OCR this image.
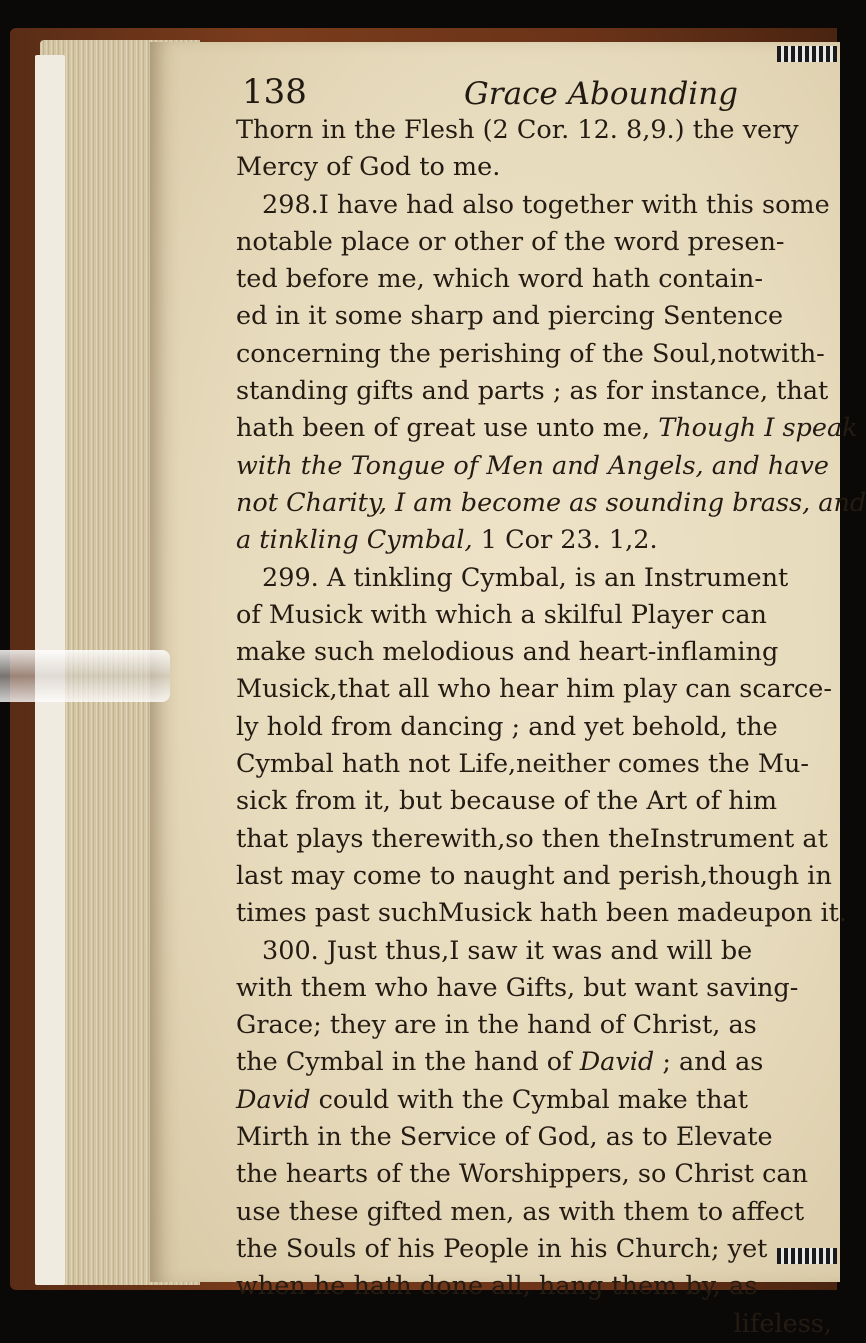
138	Grace Abounding
Thorn in the Flesh (2 Cor. 12. 8,9.) the very
Mercy of God to me.
298.I have had also together with this some
notable place or other of the word presen-
ted before me, which word hath contain-
ed in it some sharp and piercing Sentence
concerning the perishing of the Soul,notwith-
standing gifts and parts ; as for instance, that
hath been of great use unto me, Though I speak
with the Tongue of Men and Angels, and have
not Charity, I am become as sounding brass, and
a tinkling Cymbal, 1 Cor 23. 1,2.
299. A tinkling Cymbal, is an Instrument
of Musick with which a skilful Player can
make such melodious and heart-inflaming
Musick,that all who hear him play can scarce-
ly hold from dancing ; and yet behold, the
Cymbal hath not Life,neither comes the Mu-
sick from it, but because of the Art of him
that plays therewith,so then theInstrument at
last may come to naught and perish,though in
times past suchMusick hath been madeupon it.
300. Just thus,I saw it was and will be
with them who have Gifts, but want saving-
Grace; they are in the hand of Christ, as
the Cymbal in the hand of David ; and as
David could with the Cymbal make that
Mirth in the Service of God, as to Elevate
the hearts of the Worshippers, so Christ can
use these gifted men, as with them to affect
the Souls of his People in his Church; yet
when he hath done all, hang them by, as
lifeless,
